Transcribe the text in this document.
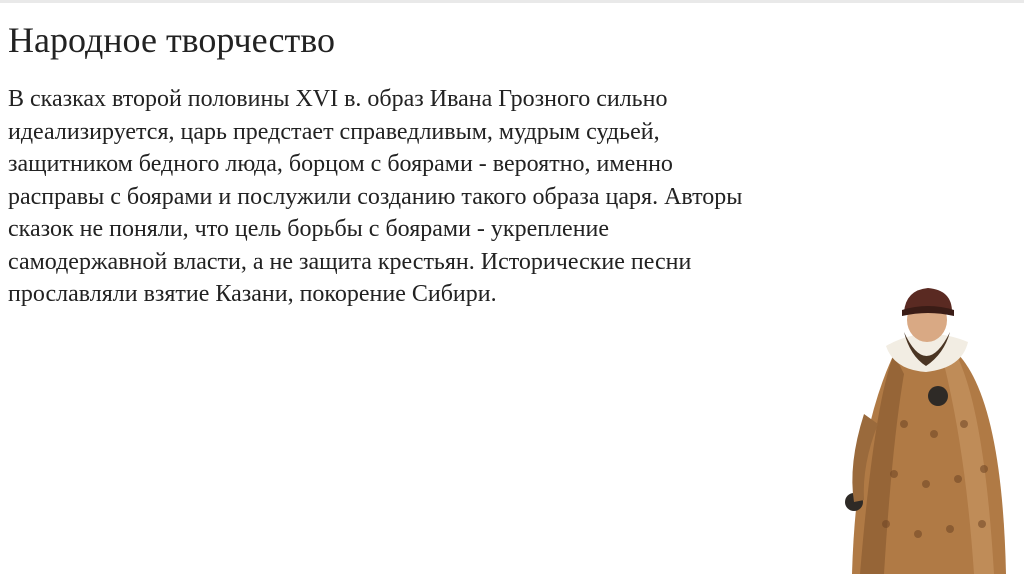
Народное творчество
В сказках второй половины XVI в. образ Ивана Грозного сильно
идеализируется, царь предстает справедливым, мудрым судьей,
защитником бедного люда, борцом с боярами - вероятно, именно
расправы с боярами и послужили созданию такого образа царя. Авторы
сказок не поняли, что цель борьбы с боярами - укрепление
самодержавной власти, а не защита крестьян. Исторические песни
прославляли взятие Казани, покорение Сибири.
